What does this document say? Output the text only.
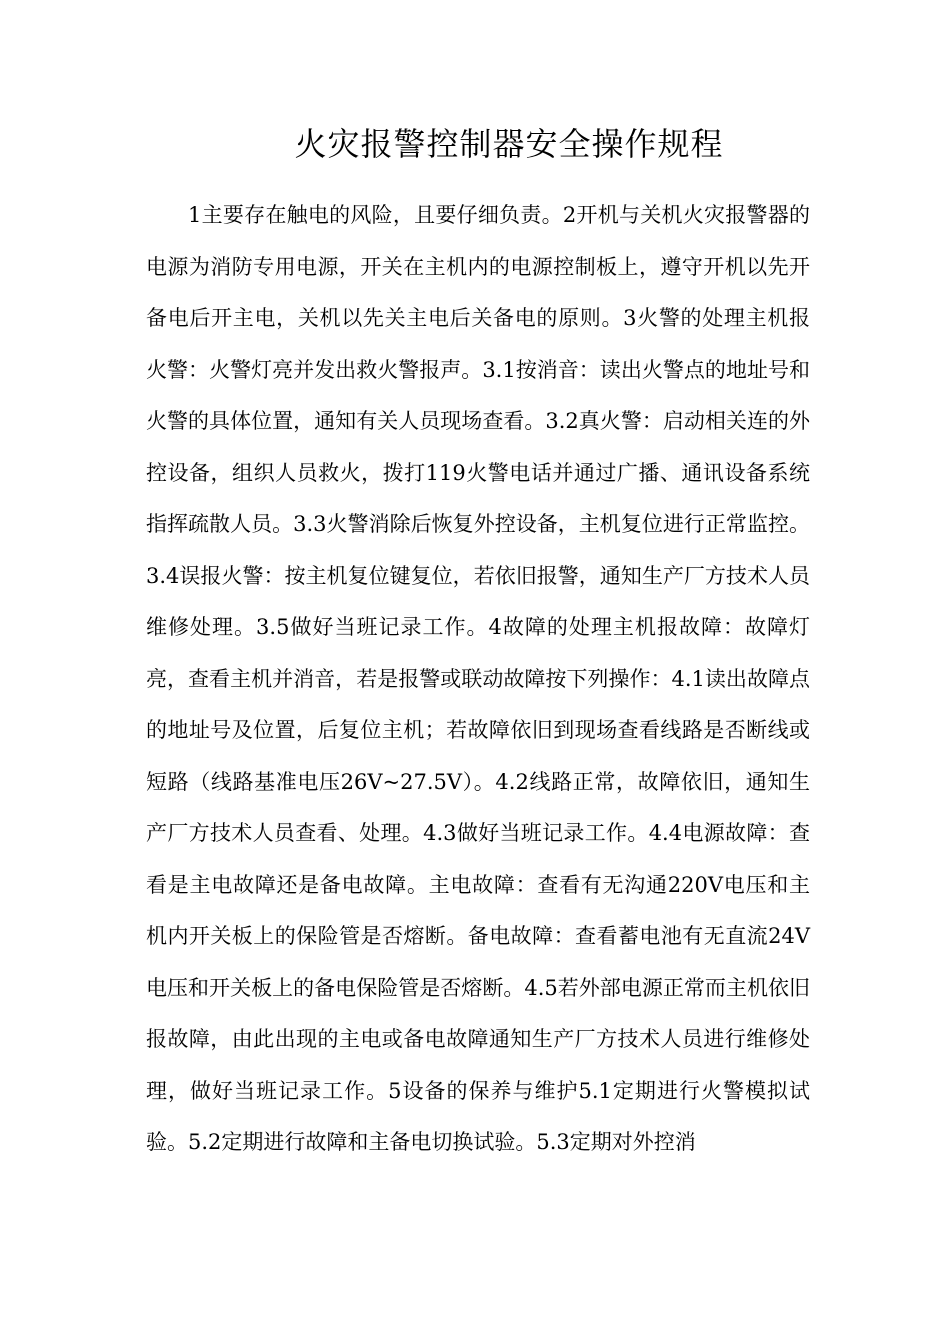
火灾报警控制器安全操作规程

1主要存在触电的风险，且要仔细负责。2开机与关机火灾报警器的电源为消防专用电源，开关在主机内的电源控制板上，遵守开机以先开备电后开主电，关机以先关主电后关备电的原则。3火警的处理主机报火警：火警灯亮并发出救火警报声。3.1按消音：读出火警点的地址号和火警的具体位置，通知有关人员现场查看。3.2真火警：启动相关连的外控设备，组织人员救火，拨打119火警电话并通过广播、通讯设备系统指挥疏散人员。3.3火警消除后恢复外控设备，主机复位进行正常监控。3.4误报火警：按主机复位键复位，若依旧报警，通知生产厂方技术人员维修处理。3.5做好当班记录工作。4故障的处理主机报故障：故障灯亮，查看主机并消音，若是报警或联动故障按下列操作：4.1读出故障点的地址号及位置，后复位主机；若故障依旧到现场查看线路是否断线或短路（线路基准电压26V~27.5V）。4.2线路正常，故障依旧，通知生产厂方技术人员查看、处理。4.3做好当班记录工作。4.4电源故障：查看是主电故障还是备电故障。主电故障：查看有无沟通220V电压和主机内开关板上的保险管是否熔断。备电故障：查看蓄电池有无直流24V电压和开关板上的备电保险管是否熔断。4.5若外部电源正常而主机依旧报故障，由此出现的主电或备电故障通知生产厂方技术人员进行维修处理，做好当班记录工作。5设备的保养与维护5.1定期进行火警模拟试验。5.2定期进行故障和主备电切换试验。5.3定期对外控消
